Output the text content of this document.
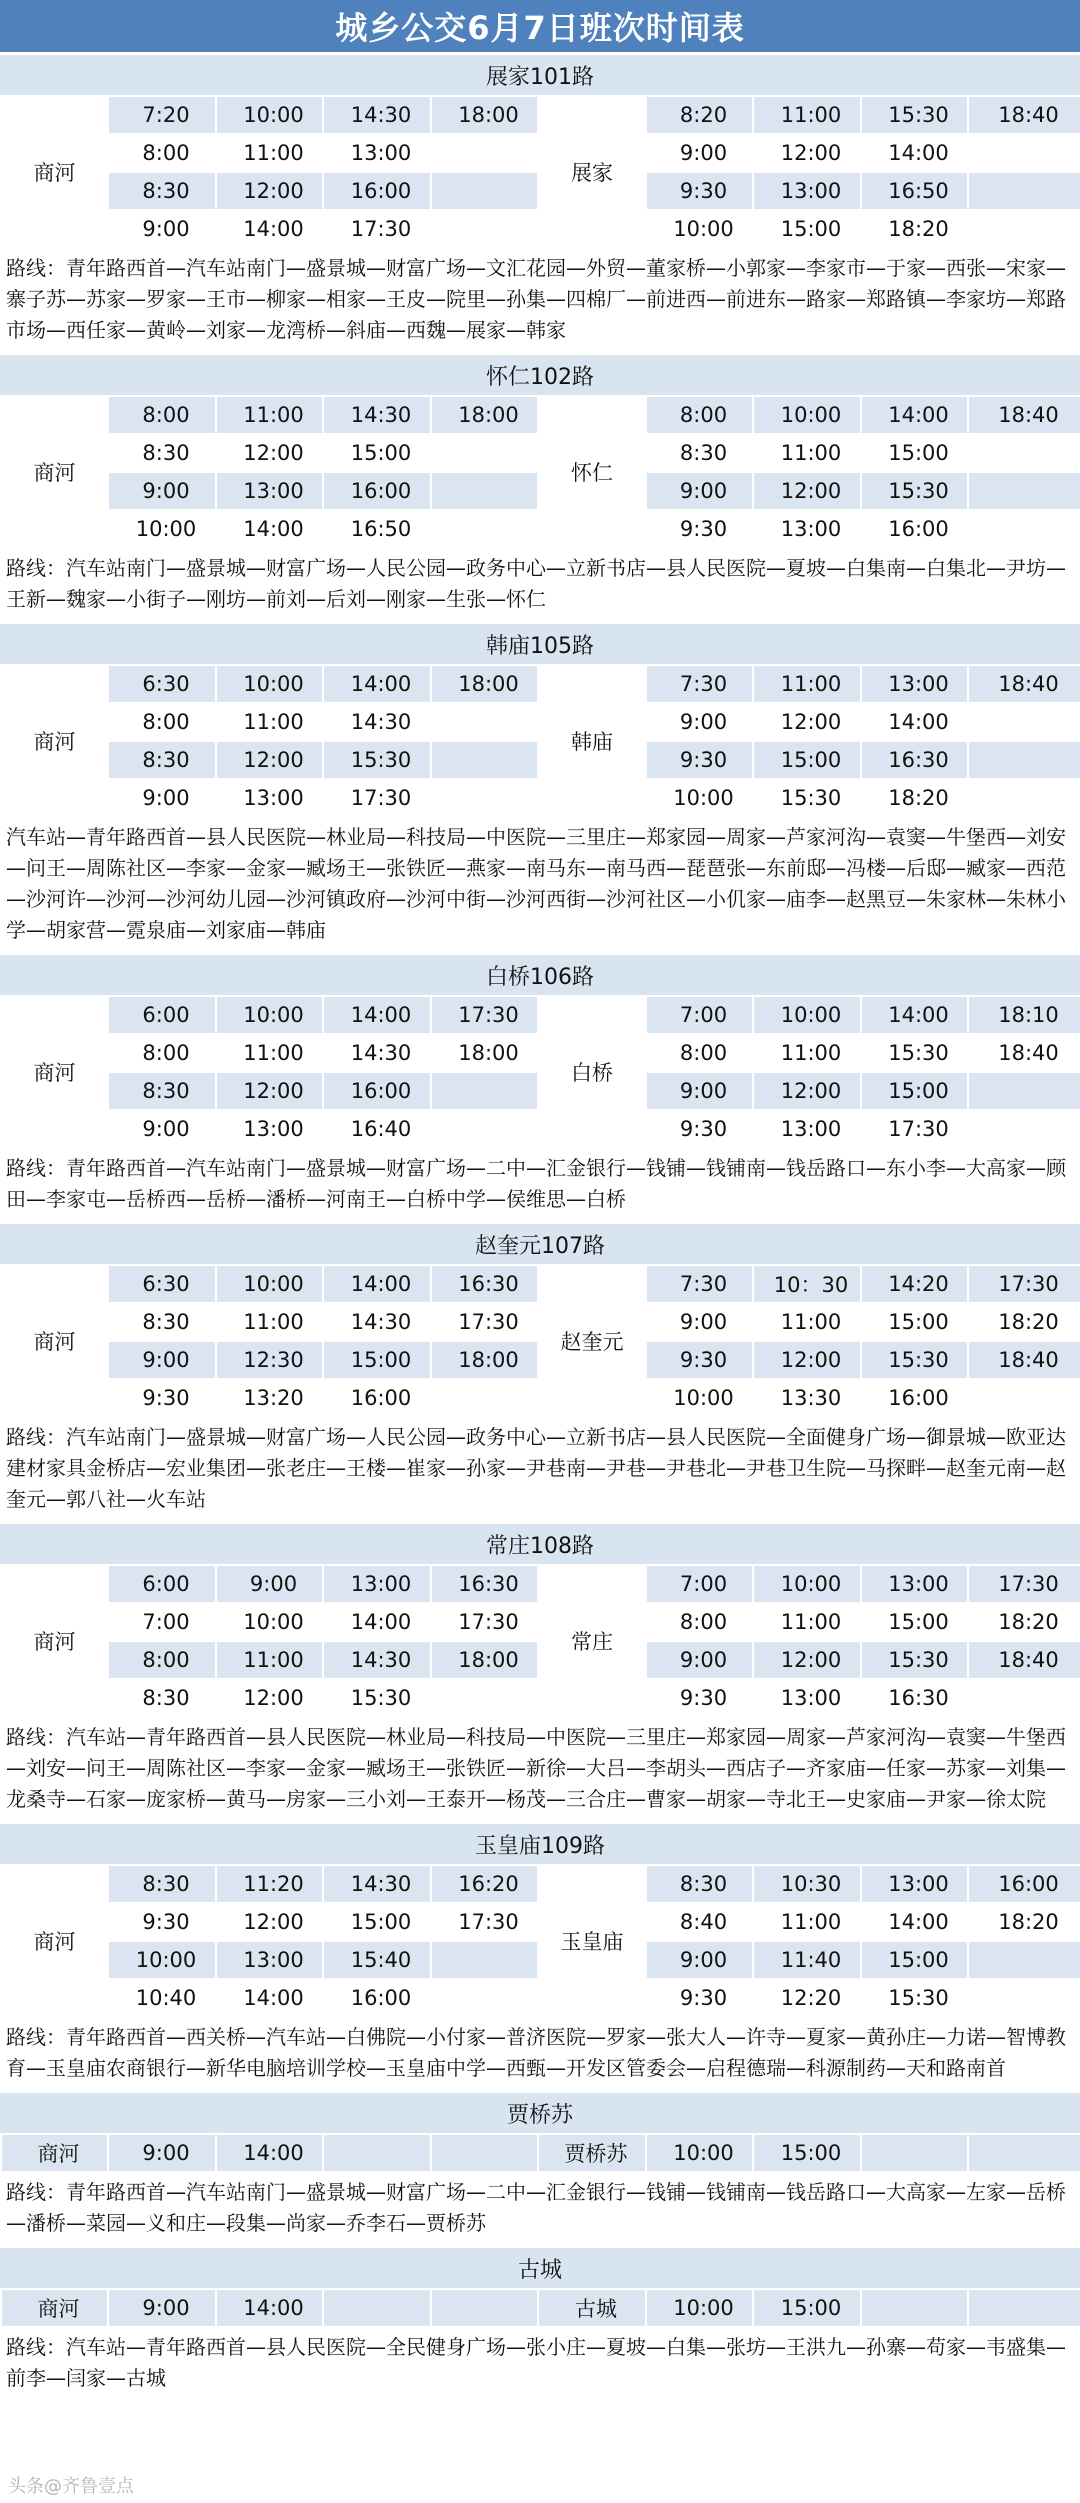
城乡公交6月7日班次时间表
展家101路
商河	7:20	10:00	14:30	18:00	展家	8:20	11:00	15:30	18:40
	8:00	11:00	13:00			9:00	12:00	14:00	
	8:30	12:00	16:00			9:30	13:00	16:50	
	9:00	14:00	17:30			10:00	15:00	18:20	
路线：青年路西首—汽车站南门—盛景城—财富广场—文汇花园—外贸—董家桥—小郭家—李家市—于家—西张—宋家—寨子苏—苏家—罗家—王市—柳家—相家—王皮—院里—孙集—四棉厂—前进西—前进东—路家—郑路镇—李家坊—郑路市场—西任家—黄岭—刘家—龙湾桥—斜庙—西魏—展家—韩家
怀仁102路
商河	8:00	11:00	14:30	18:00	怀仁	8:00	10:00	14:00	18:40
	8:30	12:00	15:00			8:30	11:00	15:00	
	9:00	13:00	16:00			9:00	12:00	15:30	
	10:00	14:00	16:50			9:30	13:00	16:00	
路线：汽车站南门—盛景城—财富广场—人民公园—政务中心—立新书店—县人民医院—夏坡—白集南—白集北—尹坊—王新—魏家—小街子—刚坊—前刘—后刘—刚家—生张—怀仁
韩庙105路
商河	6:30	10:00	14:00	18:00	韩庙	7:30	11:00	13:00	18:40
	8:00	11:00	14:30			9:00	12:00	14:00	
	8:30	12:00	15:30			9:30	15:00	16:30	
	9:00	13:00	17:30			10:00	15:30	18:20	
汽车站—青年路西首—县人民医院—林业局—科技局—中医院—三里庄—郑家园—周家—芦家河沟—袁窦—牛堡西—刘安—问王—周陈社区—李家—金家—臧场王—张铁匠—燕家—南马东—南马西—琵琶张—东前邸—冯楼—后邸—臧家—西范—沙河许—沙河—沙河幼儿园—沙河镇政府—沙河中街—沙河西街—沙河社区—小仉家—庙李—赵黑豆—朱家林—朱林小学—胡家营—霓泉庙—刘家庙—韩庙
白桥106路
商河	6:00	10:00	14:00	17:30	白桥	7:00	10:00	14:00	18:10
	8:00	11:00	14:30	18:00		8:00	11:00	15:30	18:40
	8:30	12:00	16:00			9:00	12:00	15:00	
	9:00	13:00	16:40			9:30	13:00	17:30	
路线：青年路西首—汽车站南门—盛景城—财富广场—二中—汇金银行—钱铺—钱铺南—钱岳路口—东小李—大高家—顾田—李家屯—岳桥西—岳桥—潘桥—河南王—白桥中学—侯维思—白桥
赵奎元107路
商河	6:30	10:00	14:00	16:30	赵奎元	7:30	10：30	14:20	17:30
	8:30	11:00	14:30	17:30		9:00	11:00	15:00	18:20
	9:00	12:30	15:00	18:00		9:30	12:00	15:30	18:40
	9:30	13:20	16:00			10:00	13:30	16:00	
路线：汽车站南门—盛景城—财富广场—人民公园—政务中心—立新书店—县人民医院—全面健身广场—御景城—欧亚达建材家具金桥店—宏业集团—张老庄—王楼—崔家—孙家—尹巷南—尹巷—尹巷北—尹巷卫生院—马探畔—赵奎元南—赵奎元—郭八社—火车站
常庄108路
商河	6:00	9:00	13:00	16:30	常庄	7:00	10:00	13:00	17:30
	7:00	10:00	14:00	17:30		8:00	11:00	15:00	18:20
	8:00	11:00	14:30	18:00		9:00	12:00	15:30	18:40
	8:30	12:00	15:30			9:30	13:00	16:30	
路线：汽车站—青年路西首—县人民医院—林业局—科技局—中医院—三里庄—郑家园—周家—芦家河沟—袁窦—牛堡西—刘安—问王—周陈社区—李家—金家—臧场王—张铁匠—新徐—大吕—李胡头—西店子—齐家庙—任家—苏家—刘集—龙桑寺—石家—庞家桥—黄马—房家—三小刘—王泰开—杨茂—三合庄—曹家—胡家—寺北王—史家庙—尹家—徐太院
玉皇庙109路
商河	8:30	11:20	14:30	16:20	玉皇庙	8:30	10:30	13:00	16:00
	9:30	12:00	15:00	17:30		8:40	11:00	14:00	18:20
	10:00	13:00	15:40			9:00	11:40	15:00	
	10:40	14:00	16:00			9:30	12:20	15:30	
路线：青年路西首—西关桥—汽车站—白佛院—小付家—普济医院—罗家—张大人—许寺—夏家—黄孙庄—力诺—智博教育—玉皇庙农商银行—新华电脑培训学校—玉皇庙中学—西甄—开发区管委会—启程德瑞—科源制药—天和路南首
贾桥苏
商河	9:00	14:00			贾桥苏	10:00	15:00		
路线：青年路西首—汽车站南门—盛景城—财富广场—二中—汇金银行—钱铺—钱铺南—钱岳路口—大高家—左家—岳桥—潘桥—菜园—义和庄—段集—尚家—乔李石—贾桥苏
古城
商河	9:00	14:00			古城	10:00	15:00		
路线：汽车站—青年路西首—县人民医院—全民健身广场—张小庄—夏坡—白集—张坊—王洪九—孙寨—苟家—韦盛集—前李—闫家—古城
头条@齐鲁壹点
